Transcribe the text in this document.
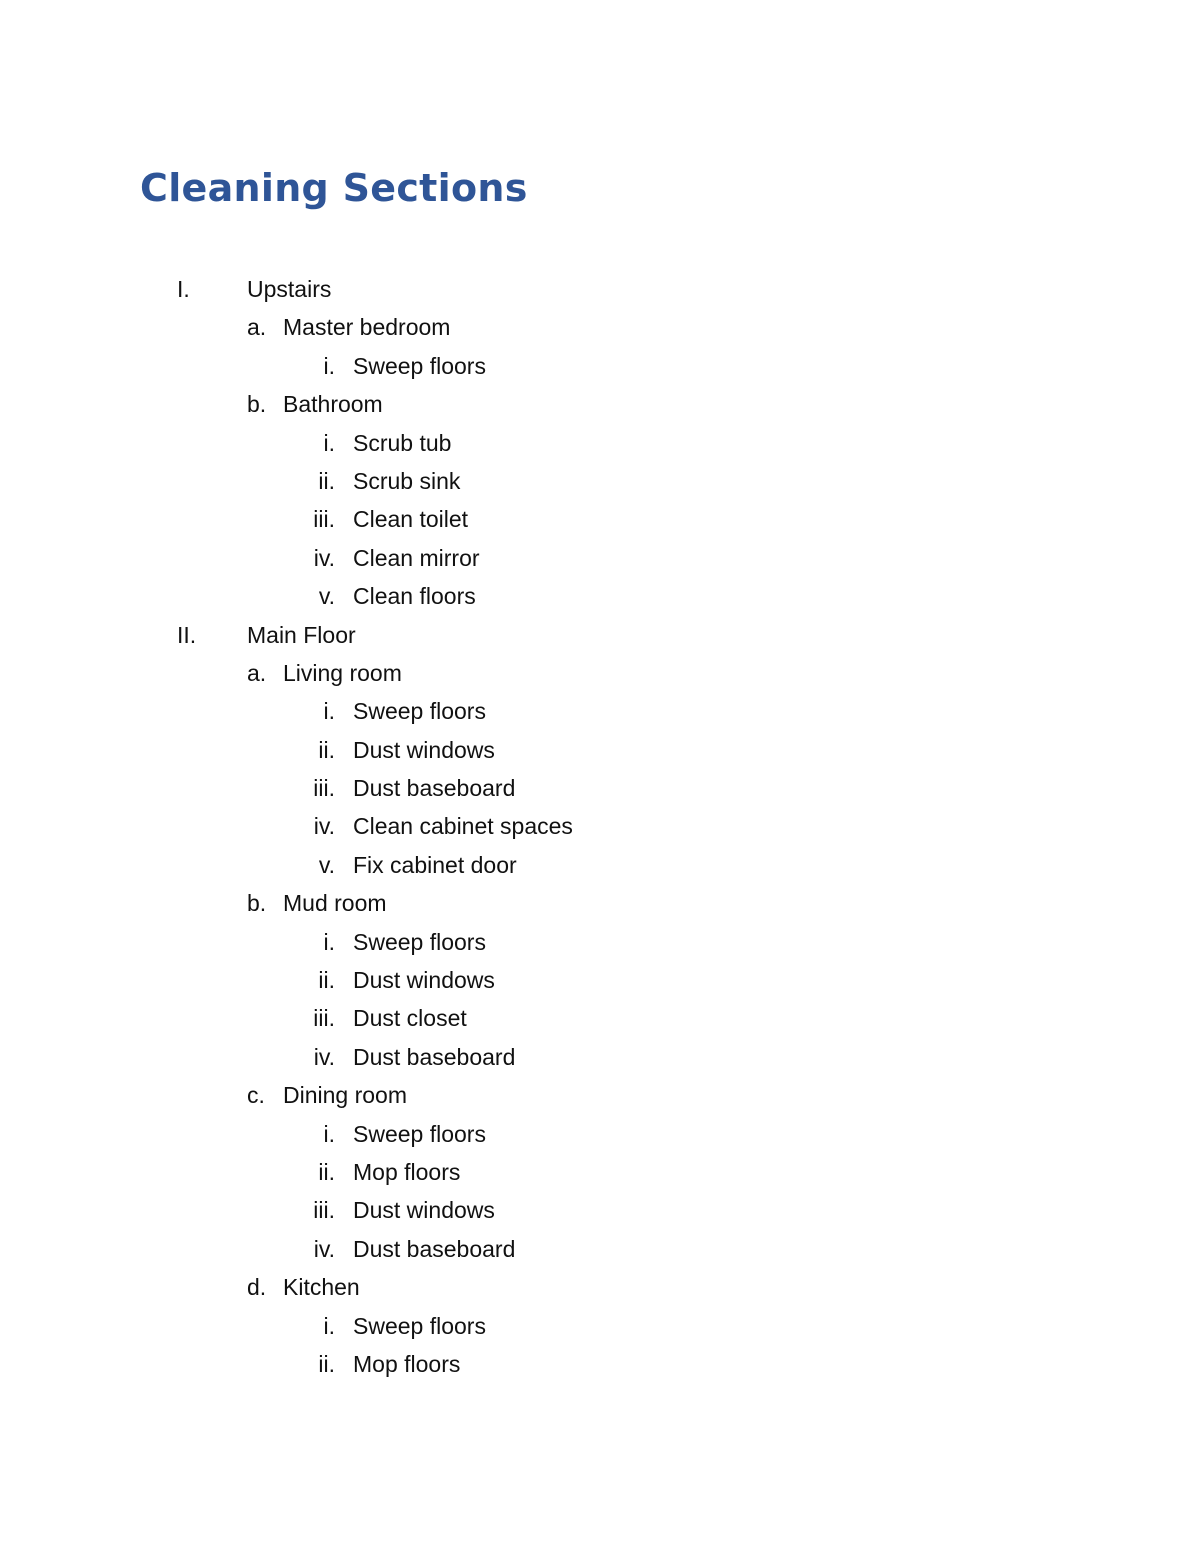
Cleaning Sections
I. Upstairs
a. Master bedroom
i. Sweep floors
b. Bathroom
i. Scrub tub
ii. Scrub sink
iii. Clean toilet
iv. Clean mirror
v. Clean floors
II. Main Floor
a. Living room
i. Sweep floors
ii. Dust windows
iii. Dust baseboard
iv. Clean cabinet spaces
v. Fix cabinet door
b. Mud room
i. Sweep floors
ii. Dust windows
iii. Dust closet
iv. Dust baseboard
c. Dining room
i. Sweep floors
ii. Mop floors
iii. Dust windows
iv. Dust baseboard
d. Kitchen
i. Sweep floors
ii. Mop floors
